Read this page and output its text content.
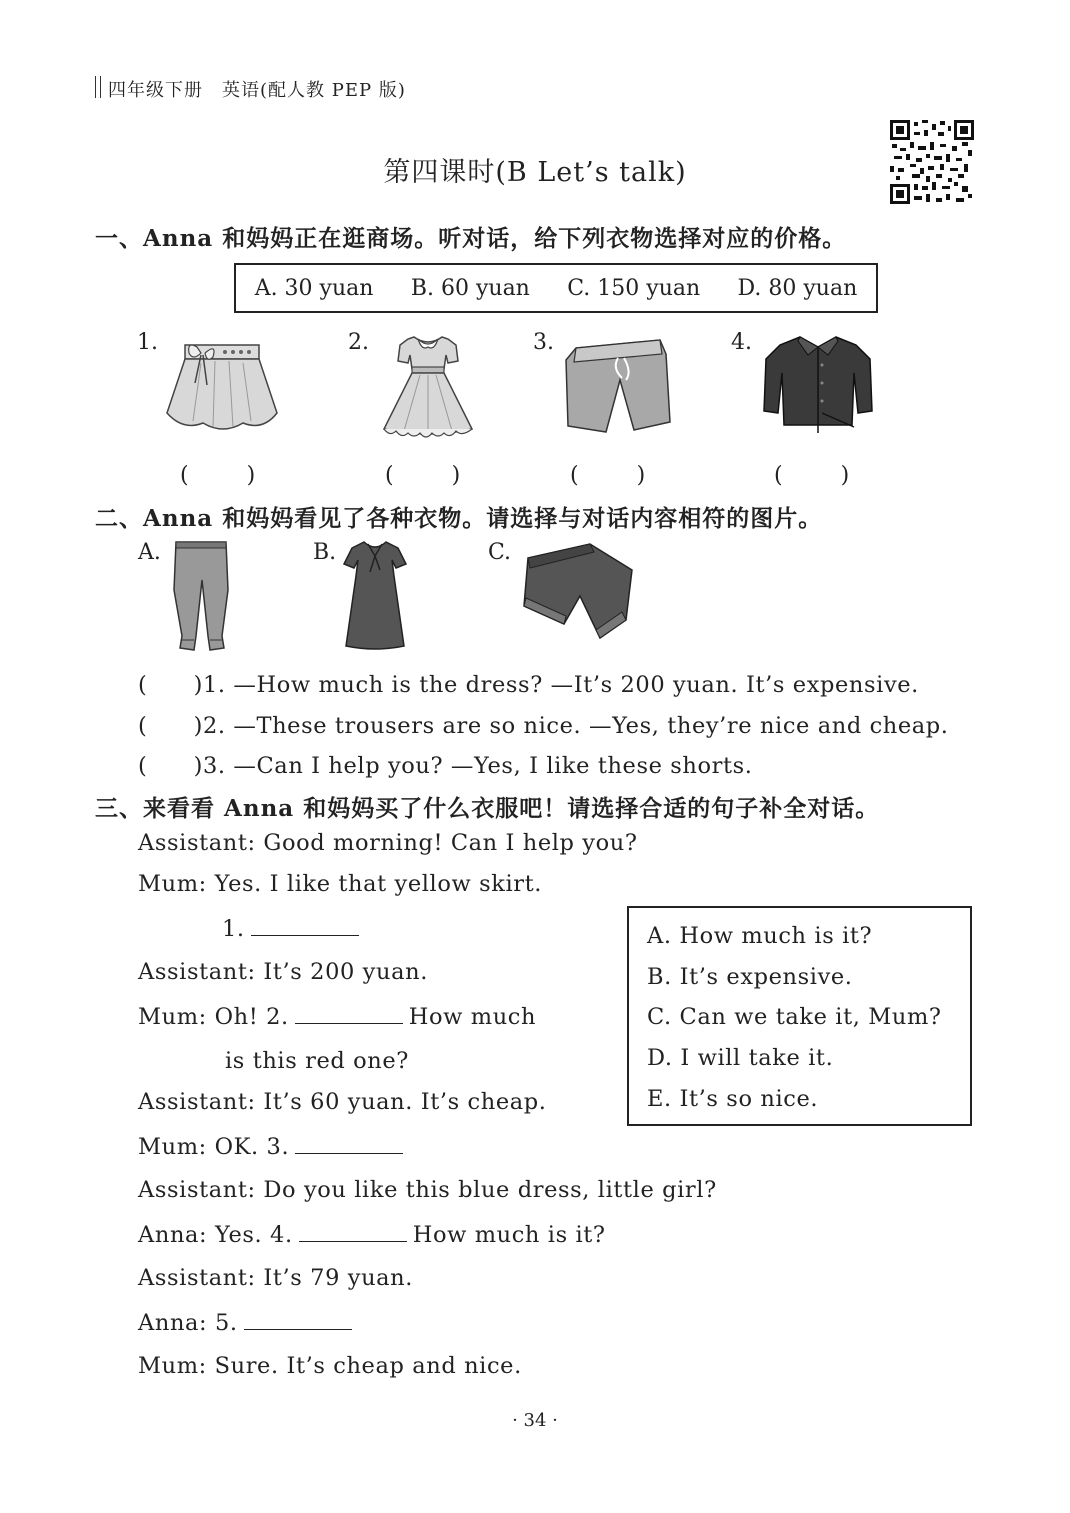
四年级下册　英语(配人教 PEP 版)
第四课时(B Let’s talk)
一、Anna 和妈妈正在逛商场。听对话，给下列衣物选择对应的价格。
A. 30 yuan B. 60 yuan C. 150 yuan D. 80 yuan
1.	2.	3.	4.
(　)	(　)	(　)	(　)
二、Anna 和妈妈看见了各种衣物。请选择与对话内容相符的图片。
A.	B.	C.
(　　)1. —How much is the dress? —It’s 200 yuan. It’s expensive.
(　　)2. —These trousers are so nice. —Yes, they’re nice and cheap.
(　　)3. —Can I help you? —Yes, I like these shorts.
三、来看看 Anna 和妈妈买了什么衣服吧！请选择合适的句子补全对话。
Assistant: Good morning! Can I help you?
Mum: Yes. I like that yellow skirt.
1.
Assistant: It’s 200 yuan.
Mum: Oh! 2.	How much
is this red one?
Assistant: It’s 60 yuan. It’s cheap.
Mum: OK. 3.
Assistant: Do you like this blue dress, little girl?
Anna: Yes. 4.	How much is it?
Assistant: It’s 79 yuan.
Anna: 5.
Mum: Sure. It’s cheap and nice.
A. How much is it?
B. It’s expensive.
C. Can we take it, Mum?
D. I will take it.
E. It’s so nice.
· 34 ·
